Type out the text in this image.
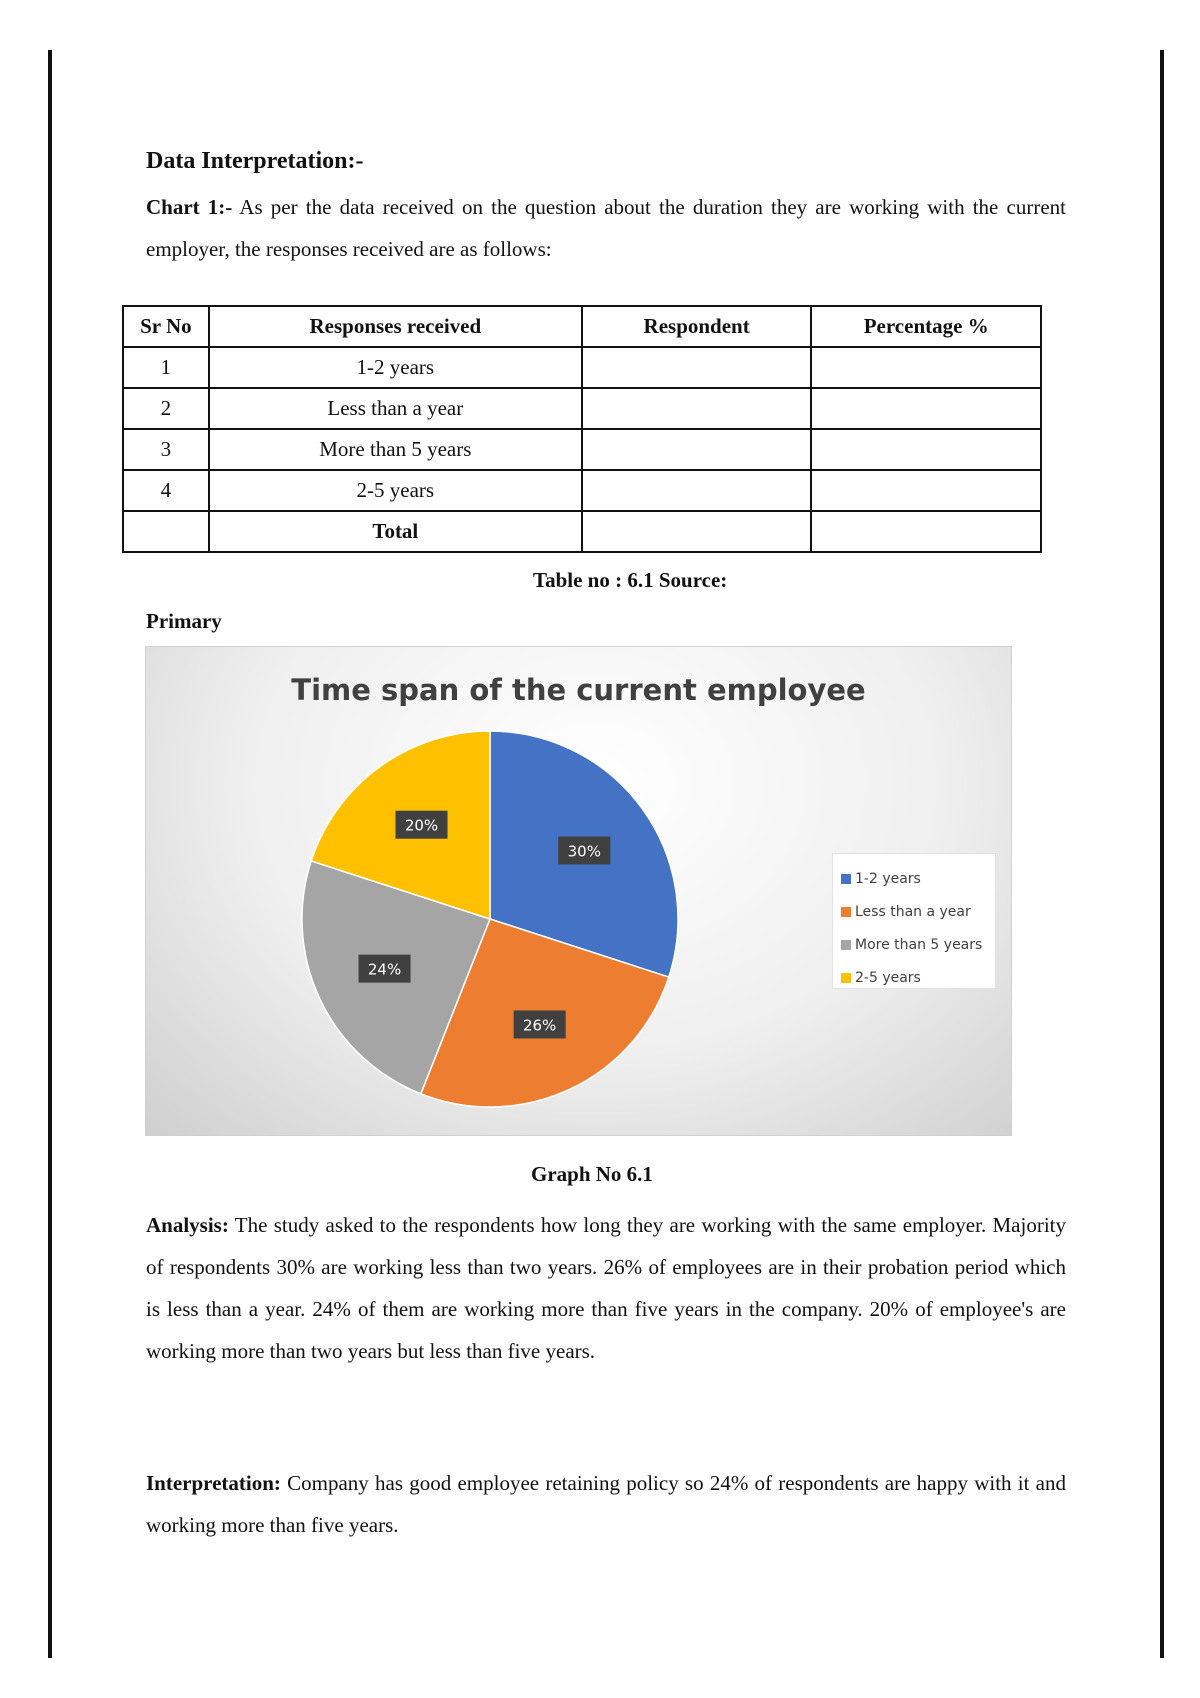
Data Interpretation:-
Chart 1:- As per the data received on the question about the duration they are working with the current employer, the responses received are as follows:
Sr No	Responses received	Respondent	Percentage %
1	1-2 years		
2	Less than a year		
3	More than 5 years		
4	2-5 years		
	Total		
Table no : 6.1 Source:
Primary
Time span of the current employee
30%
26%
24%
20%
1-2 years
Less than a year
More than 5 years
2-5 years
Graph No 6.1
Analysis: The study asked to the respondents how long they are working with the same employer. Majority of respondents 30% are working less than two years. 26% of employees are in their probation period which is less than a year. 24% of them are working more than five years in the company. 20% of employee's are working more than two years but less than five years.
Interpretation: Company has good employee retaining policy so 24% of respondents are happy with it and working more than five years.
